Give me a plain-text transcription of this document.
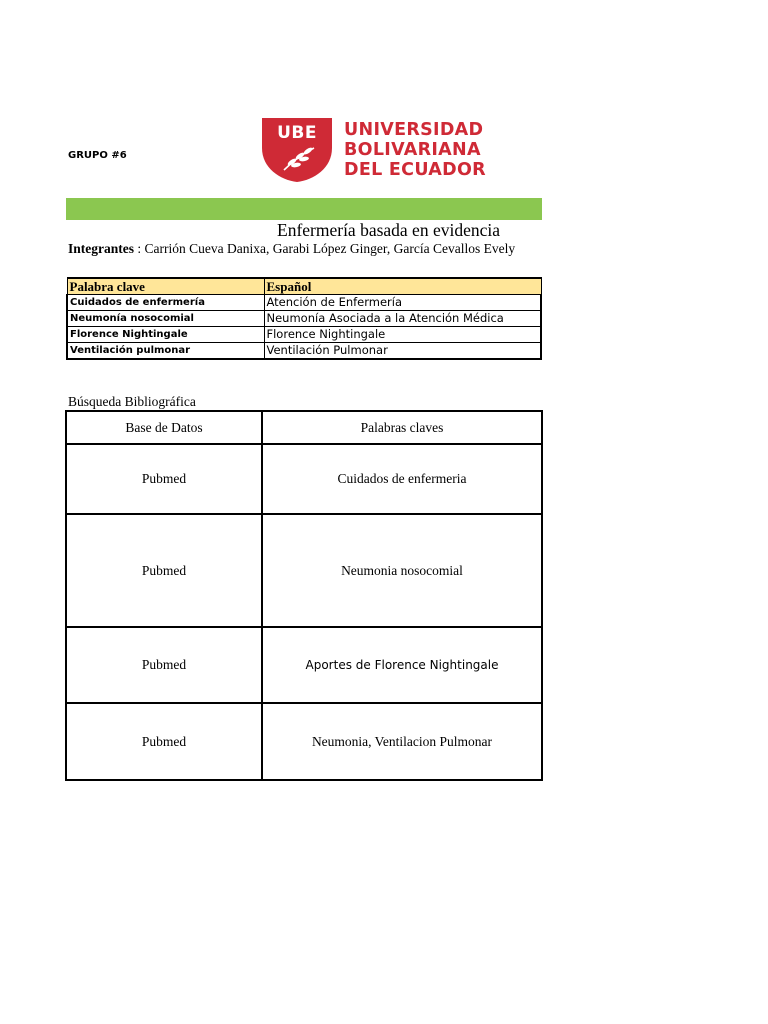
GRUPO #6
UBE	UNIVERSIDAD
BOLIVARIANA
DEL ECUADOR
Enfermería basada en evidencia
Integrantes : Carrión Cueva Danixa, Garabi López Ginger, García Cevallos Evely
Palabra clave	Español
Cuidados de enfermería	Atención de Enfermería
Neumonía nosocomial	Neumonía Asociada a la Atención Médica
Florence Nightingale	Florence Nightingale
Ventilación pulmonar	Ventilación Pulmonar
Búsqueda Bibliográfica
Base de Datos	Palabras claves
Pubmed	Cuidados de enfermeria
Pubmed	Neumonia nosocomial
Pubmed	Aportes de Florence Nightingale
Pubmed	Neumonia, Ventilacion Pulmonar
